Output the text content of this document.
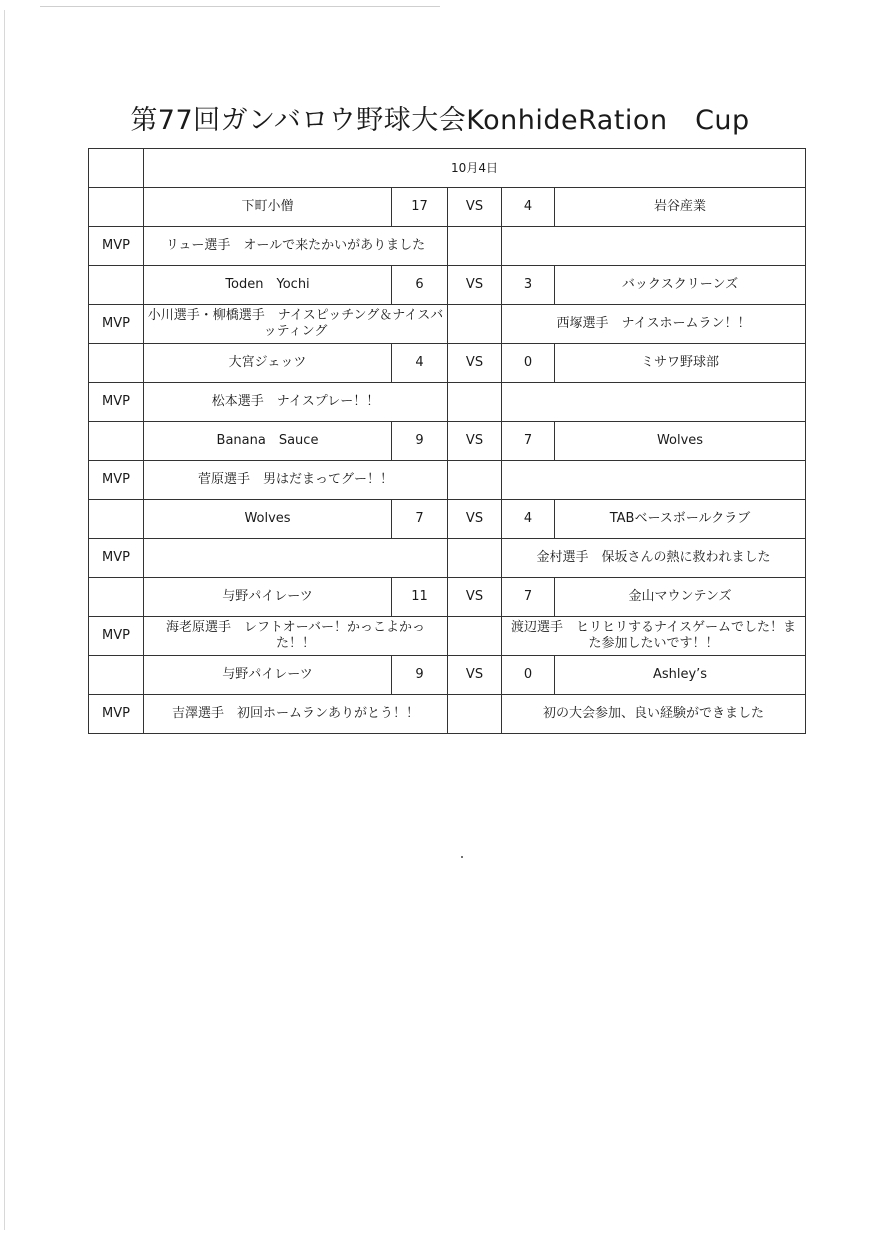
第77回ガンバロウ野球大会KonhideRation　Cup
	10月4日				
	下町小僧	17	VS	4	岩谷産業
MVP	リュー選手　オールで来たかいがありました				
	Toden　Yochi	6	VS	3	バックスクリーンズ
MVP	小川選手・柳橋選手　ナイスピッチング＆ナイスバッティング			西塚選手　ナイスホームラン！！	
	大宮ジェッツ	4	VS	0	ミサワ野球部
MVP	松本選手　ナイスプレー！！				
	Banana　Sauce	9	VS	7	Wolves
MVP	菅原選手　男はだまってグー！！				
	Wolves	7	VS	4	TABベースボールクラブ
MVP				金村選手　保坂さんの熱に救われました	
	与野パイレーツ	11	VS	7	金山マウンテンズ
MVP	海老原選手　レフトオーバー！かっこよかった！！			渡辺選手　ヒリヒリするナイスゲームでした！また参加したいです！！	
	与野パイレーツ	9	VS	0	Ashley’s
MVP	吉澤選手　初回ホームランありがとう！！			初の大会参加、良い経験ができました	
